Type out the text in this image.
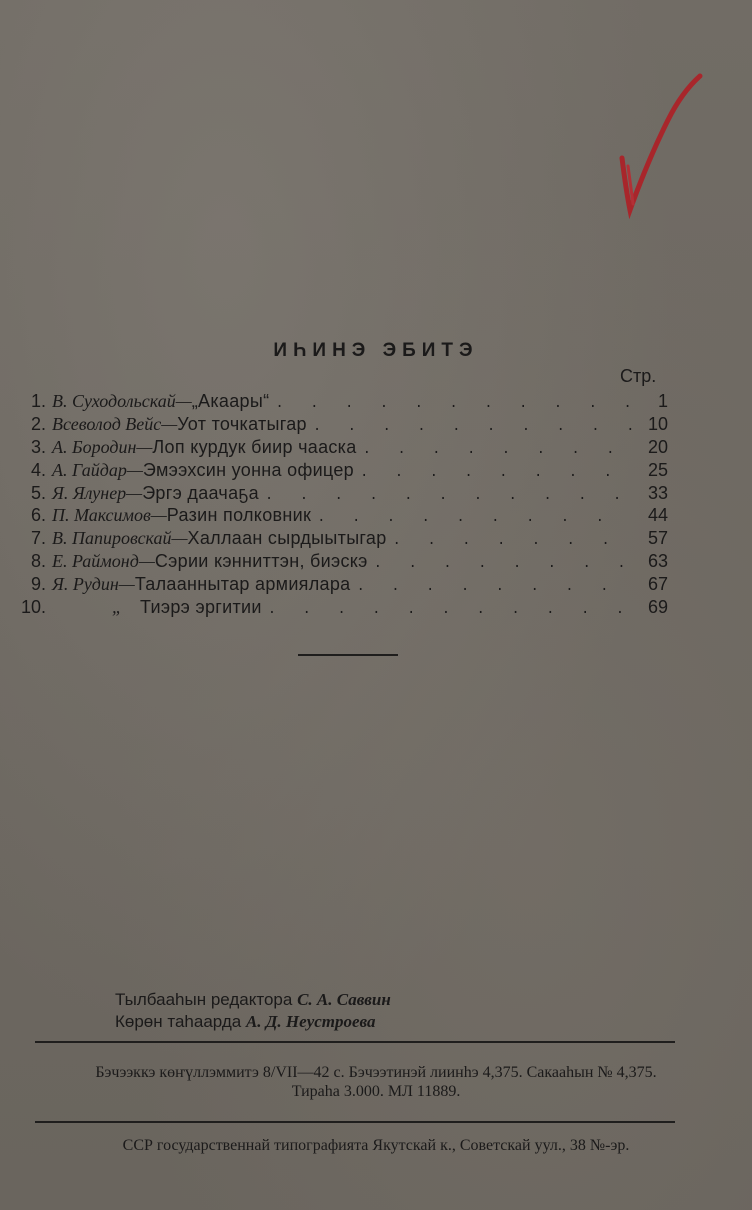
ИҺИНЭ ЭБИТЭ
Стр.
1. В. Суходольскай— „Акаары“ . . .	1
2. Всеволод Вейс— Уот точкатыгар . . .	10
3. А. Бородин— Лоп курдук биир чааска . . .	20
4. А. Гайдар— Эмээхсин уонна офицер . . .	25
5. Я. Ялунер— Эргэ даачаҕа . . .	33
6. П. Максимов— Разин полковник . . .	44
7. В. Папировскай— Халлаан сырдыытыгар . . .	57
8. Е. Раймонд— Сэрии кэнниттэн, биэскэ . . .	63
9. Я. Рудин— Талааннытар армиялара . . .	67
10.	„	Тиэрэ эргитии . . .	69
Тылбааһын редактора С. А. Саввин
Көрөн таһаарда А. Д. Неустроева
Бэчээккэ көҥүллэммитэ 8/VII—42 с. Бэчээтинэй лиинһэ 4,375. Сакааһын № 4,375.
Тираһа 3.000. МЛ 11889.
ССР государственнай типографията Якутскай к., Советскай уул., 38 №-эр.
